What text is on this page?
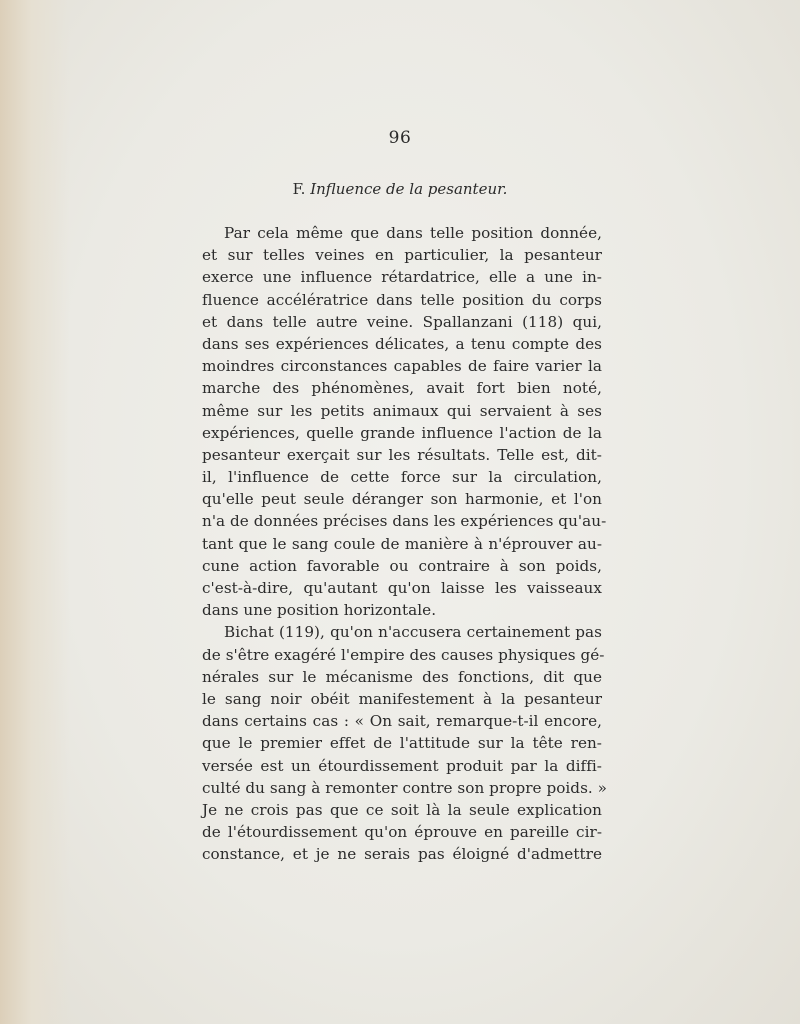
96
F. Influence de la pesanteur.
Par cela même que dans telle position donnée,
et sur telles veines en particulier, la pesanteur
exerce une influence rétardatrice, elle a une in-
fluence accélératrice dans telle position du corps
et dans telle autre veine. Spallanzani (118) qui,
dans ses expériences délicates, a tenu compte des
moindres circonstances capables de faire varier la
marche des phénomènes, avait fort bien noté,
même sur les petits animaux qui servaient à ses
expériences, quelle grande influence l'action de la
pesanteur exerçait sur les résultats. Telle est, dit-
il, l'influence de cette force sur la circulation,
qu'elle peut seule déranger son harmonie, et l'on
n'a de données précises dans les expériences qu'au-
tant que le sang coule de manière à n'éprouver au-
cune action favorable ou contraire à son poids,
c'est-à-dire, qu'autant qu'on laisse les vaisseaux
dans une position horizontale.
Bichat (119), qu'on n'accusera certainement pas
de s'être exagéré l'empire des causes physiques gé-
nérales sur le mécanisme des fonctions, dit que
le sang noir obéit manifestement à la pesanteur
dans certains cas : « On sait, remarque-t-il encore,
que le premier effet de l'attitude sur la tête ren-
versée est un étourdissement produit par la diffi-
culté du sang à remonter contre son propre poids. »
Je ne crois pas que ce soit là la seule explication
de l'étourdissement qu'on éprouve en pareille cir-
constance, et je ne serais pas éloigné d'admettre
